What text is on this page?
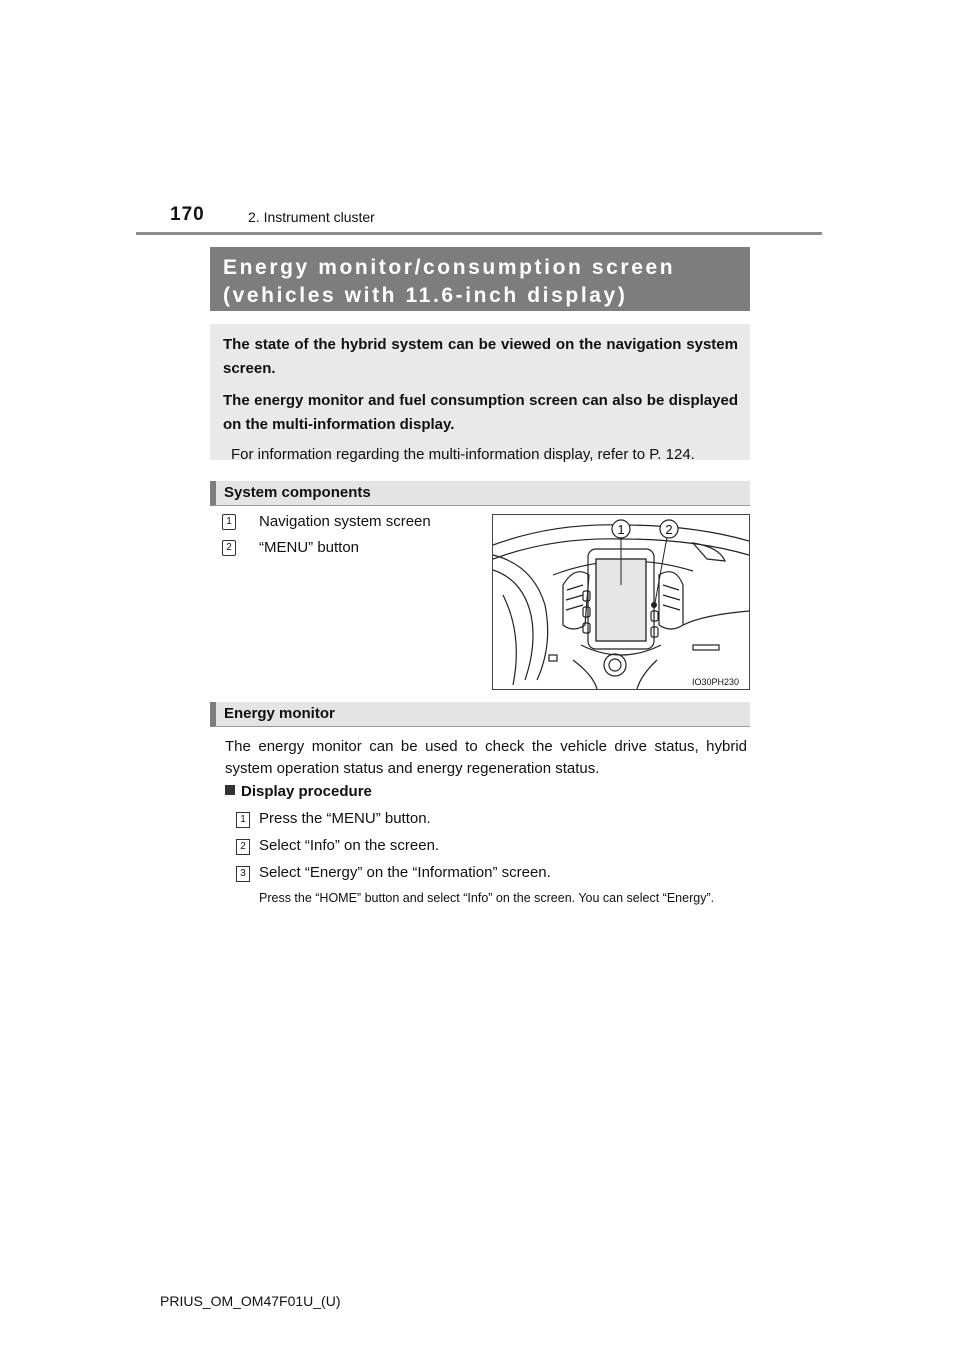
170	2. Instrument cluster
Energy monitor/consumption screen
(vehicles with 11.6-inch display)

The state of the hybrid system can be viewed on the navigation system screen.

The energy monitor and fuel consumption screen can also be displayed on the multi-information display.

For information regarding the multi-information display, refer to P. 124.

System components
1 Navigation system screen
2 “MENU” button
1	2
IO30PH230
Energy monitor
The energy monitor can be used to check the vehicle drive status, hybrid system operation status and energy regeneration status.
Display procedure
1 Press the “MENU” button.
2 Select “Info” on the screen.
3 Select “Energy” on the “Information” screen.
Press the “HOME” button and select “Info” on the screen. You can select “Energy”.
PRIUS_OM_OM47F01U_(U)
